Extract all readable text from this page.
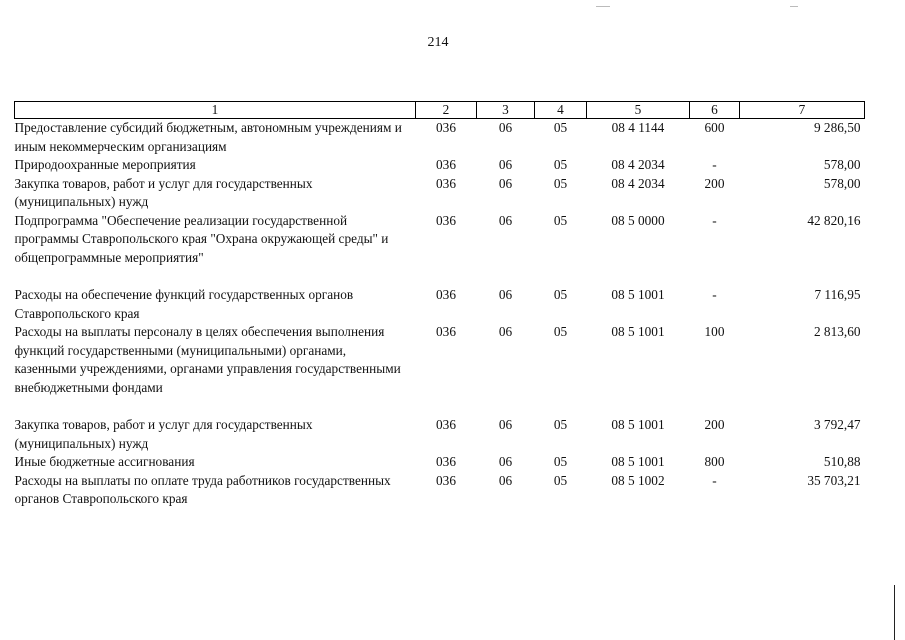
214
1	2	3	4	5	6	7
Предоставление субсидий бюджетным, автономным учреждениям и иным некоммерческим организациям	036	06	05	08 4 1144	600	9 286,50
Природоохранные мероприятия	036	06	05	08 4 2034	-	578,00
Закупка товаров, работ и услуг для государственных (муниципальных) нужд	036	06	05	08 4 2034	200	578,00
Подпрограмма "Обеспечение реализации государственной программы Ставропольского края "Охрана окружающей среды" и общепрограммные мероприятия"	036	06	05	08 5 0000	-	42 820,16
Расходы на обеспечение функций государственных органов Ставропольского края	036	06	05	08 5 1001	-	7 116,95
Расходы на выплаты персоналу в целях обеспечения выполнения функций государственными (муниципальными) органами, казенными учреждениями, органами управления государственными внебюджетными фондами	036	06	05	08 5 1001	100	2 813,60
Закупка товаров, работ и услуг для государственных (муниципальных) нужд	036	06	05	08 5 1001	200	3 792,47
Иные бюджетные ассигнования	036	06	05	08 5 1001	800	510,88
Расходы на выплаты по оплате труда работников государственных органов Ставропольского края	036	06	05	08 5 1002	-	35 703,21
